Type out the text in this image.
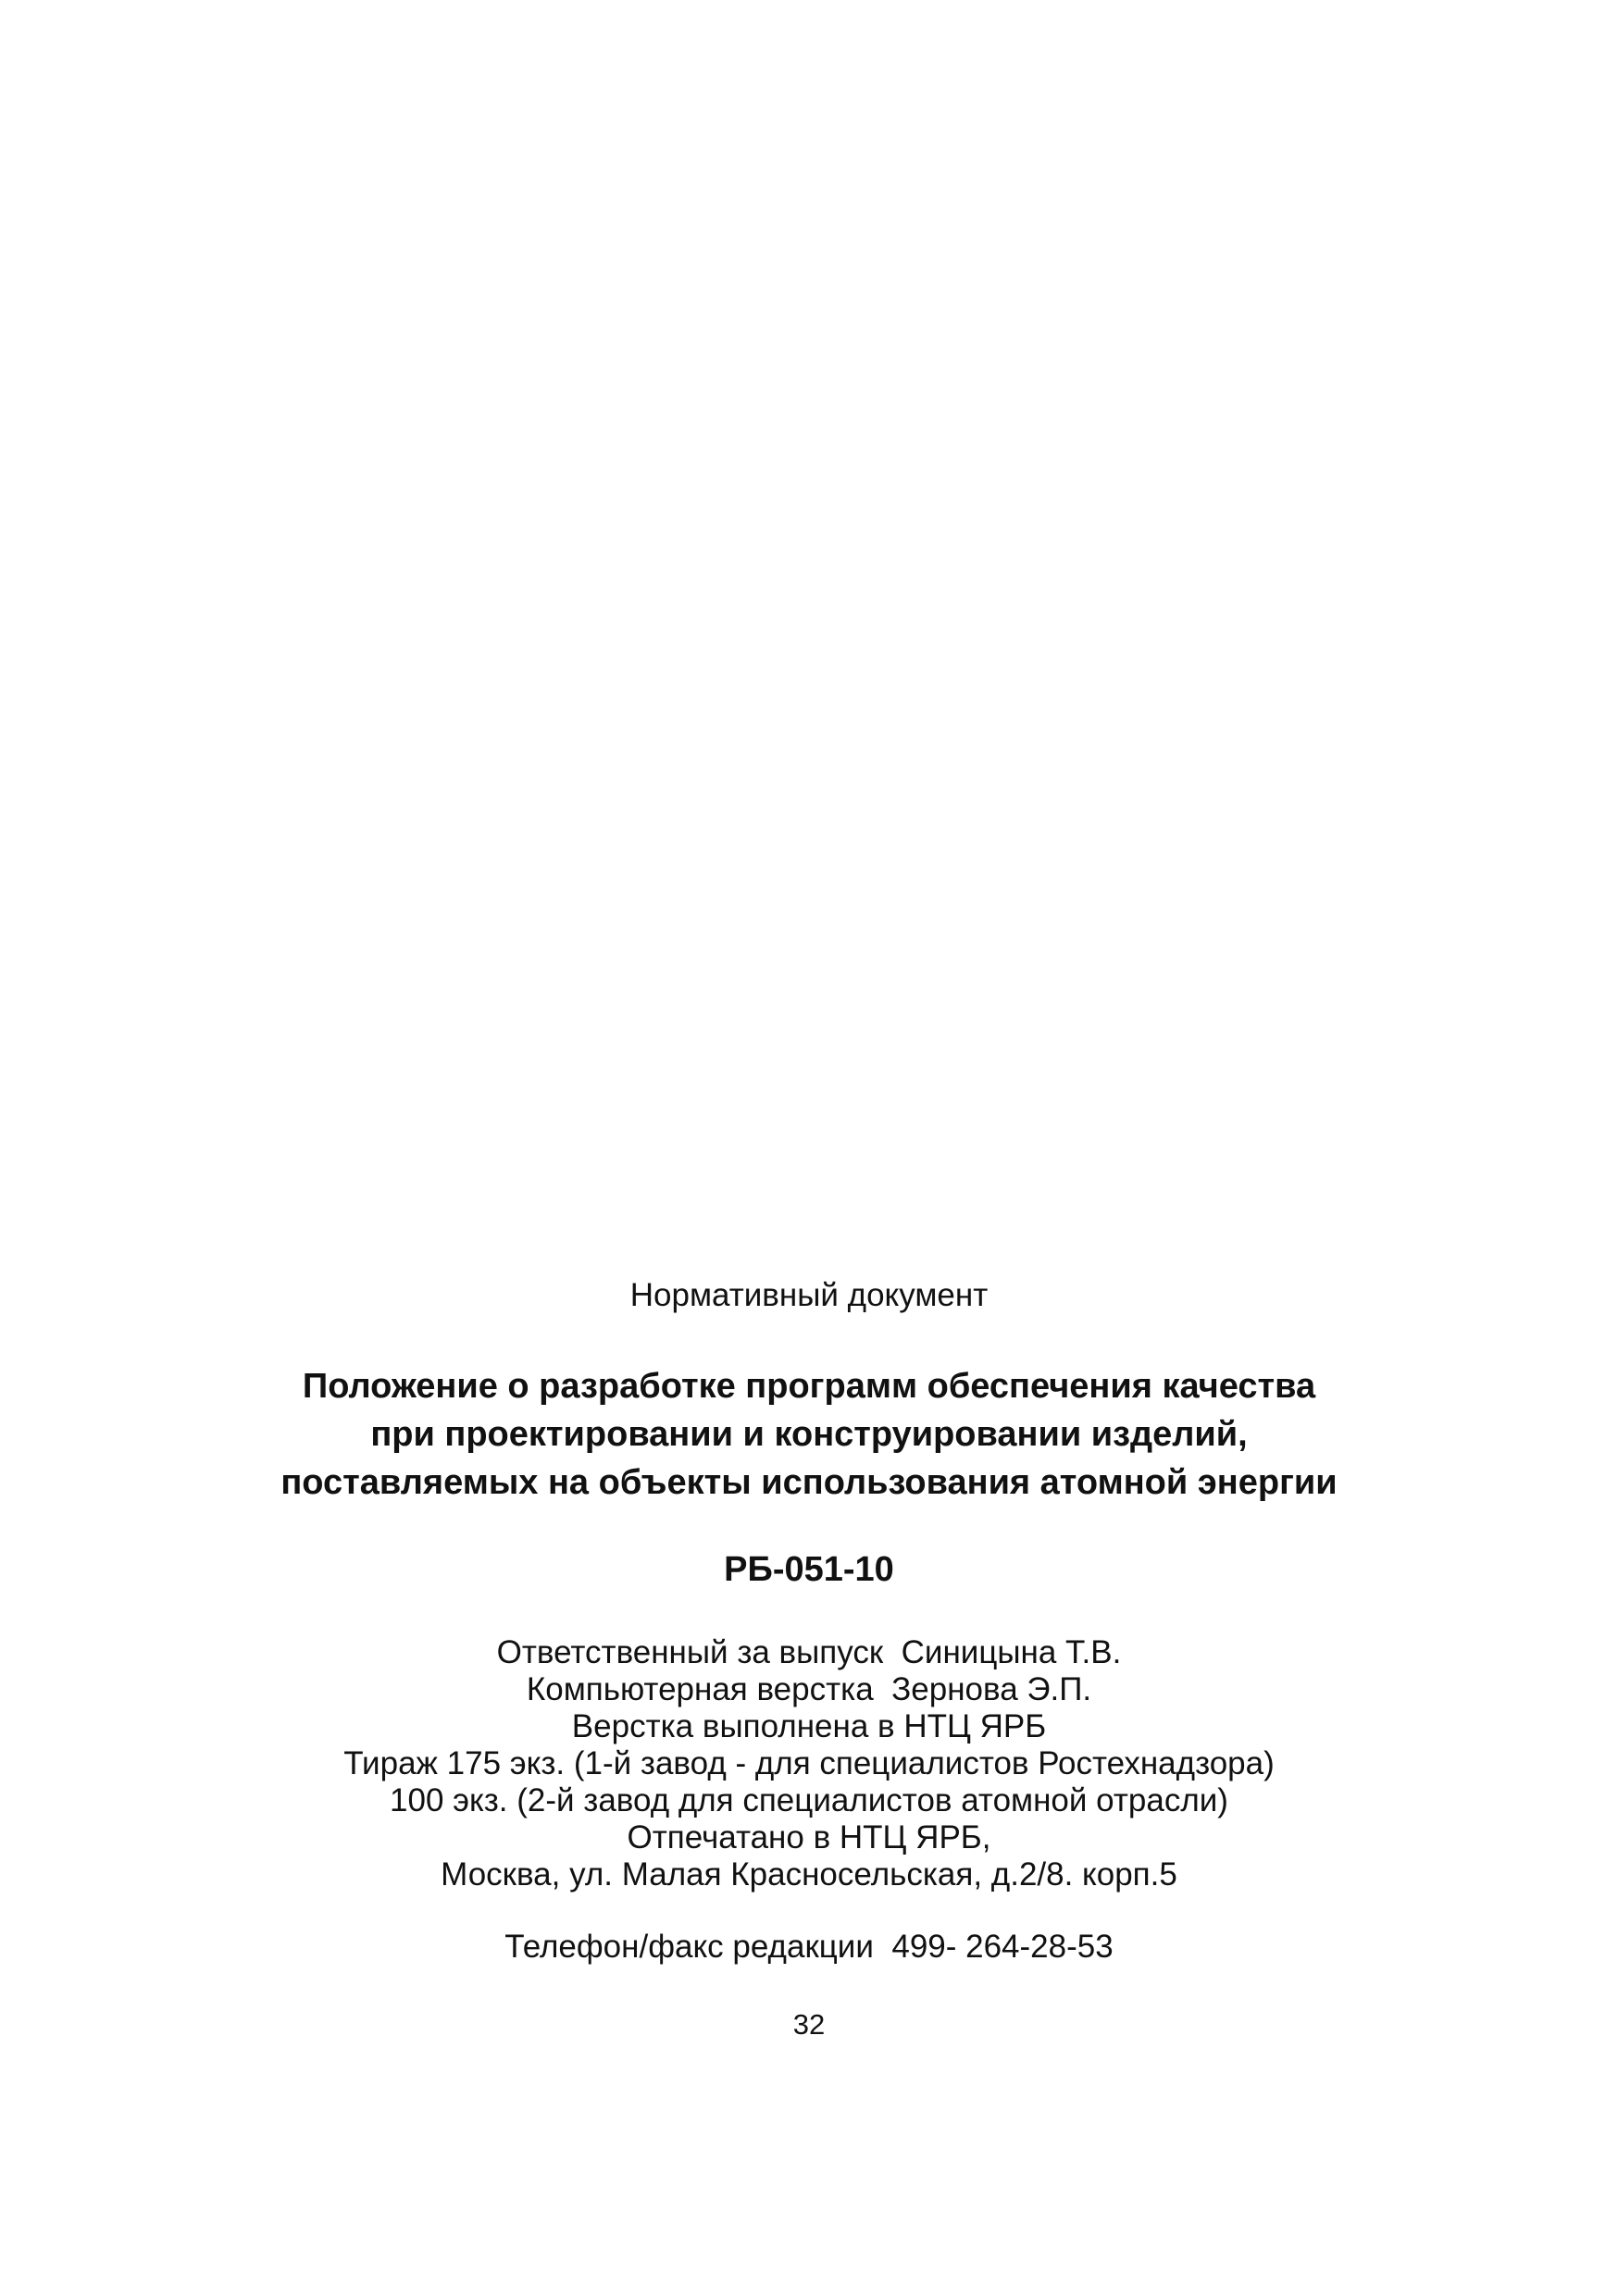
Нормативный документ

Положение о разработке программ обеспечения качества
при проектировании и конструировании изделий,
поставляемых на объекты использования атомной энергии

РБ-051-10

Ответственный за выпуск  Синицына Т.В.
Компьютерная верстка  Зернова Э.П.
Верстка выполнена в НТЦ ЯРБ
Тираж 175 экз. (1-й завод - для специалистов Ростехнадзора)
100 экз. (2-й завод для специалистов атомной отрасли)
Отпечатано в НТЦ ЯРБ,
Москва, ул. Малая Красносельская, д.2/8. корп.5

Телефон/факс редакции  499- 264-28-53

32
